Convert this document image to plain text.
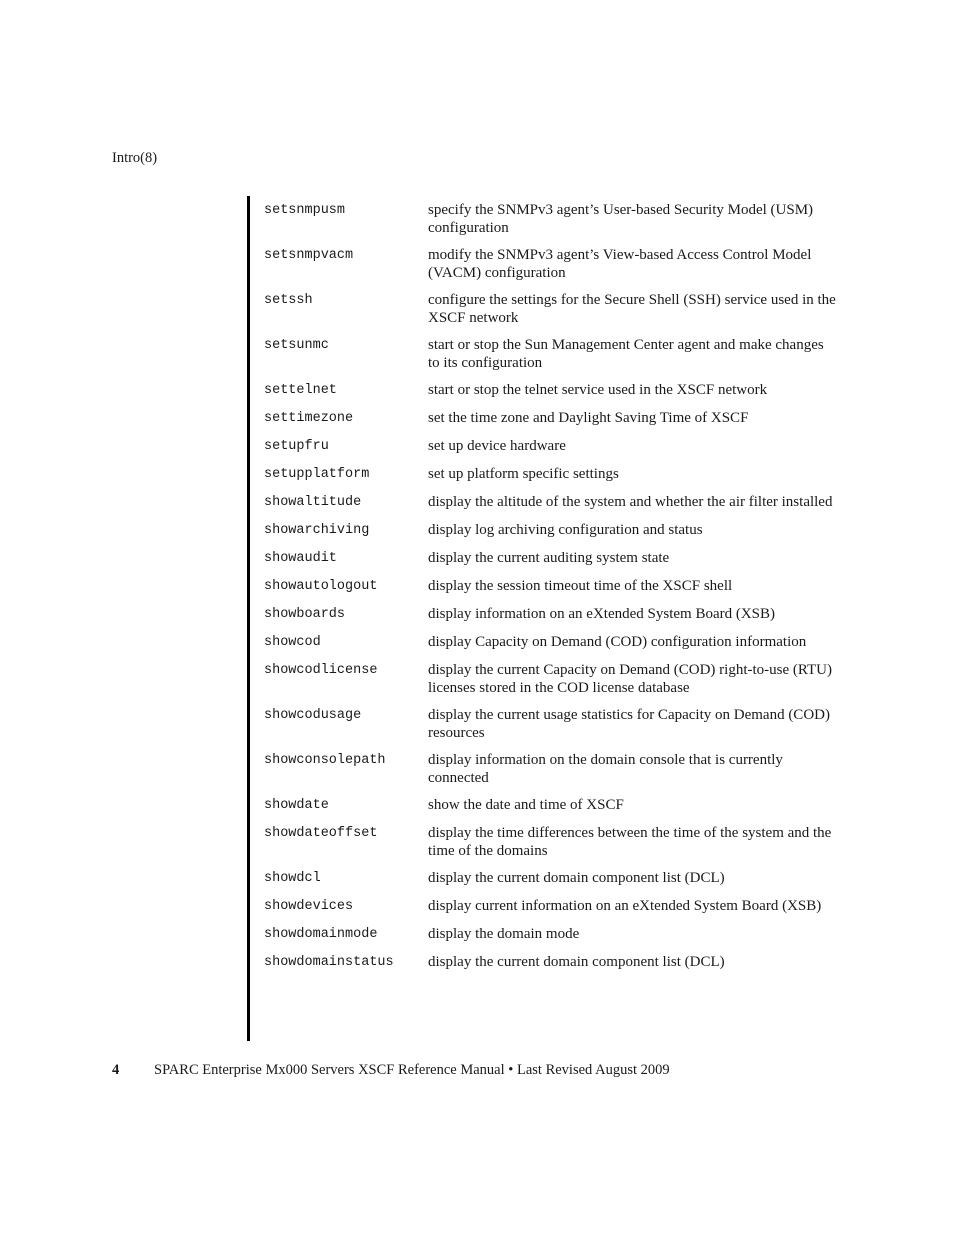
Intro(8)
setsnmpusm	specify the SNMPv3 agent’s User-based Security Model (USM) configuration
setsnmpvacm	modify the SNMPv3 agent’s View-based Access Control Model (VACM) configuration
setssh	configure the settings for the Secure Shell (SSH) service used in the XSCF network
setsunmc	start or stop the Sun Management Center agent and make changes to its configuration
settelnet	start or stop the telnet service used in the XSCF network
settimezone	set the time zone and Daylight Saving Time of XSCF
setupfru	set up device hardware
setupplatform	set up platform specific settings
showaltitude	display the altitude of the system and whether the air filter installed
showarchiving	display log archiving configuration and status
showaudit	display the current auditing system state
showautologout	display the session timeout time of the XSCF shell
showboards	display information on an eXtended System Board (XSB)
showcod	display Capacity on Demand (COD) configuration information
showcodlicense	display the current Capacity on Demand (COD) right-to-use (RTU) licenses stored in the COD license database
showcodusage	display the current usage statistics for Capacity on Demand (COD) resources
showconsolepath	display information on the domain console that is currently connected
showdate	show the date and time of XSCF
showdateoffset	display the time differences between the time of the system and the time of the domains
showdcl	display the current domain component list (DCL)
showdevices	display current information on an eXtended System Board (XSB)
showdomainmode	display the domain mode
showdomainstatus	display the current domain component list (DCL)
4 SPARC Enterprise Mx000 Servers XSCF Reference Manual • Last Revised August 2009
